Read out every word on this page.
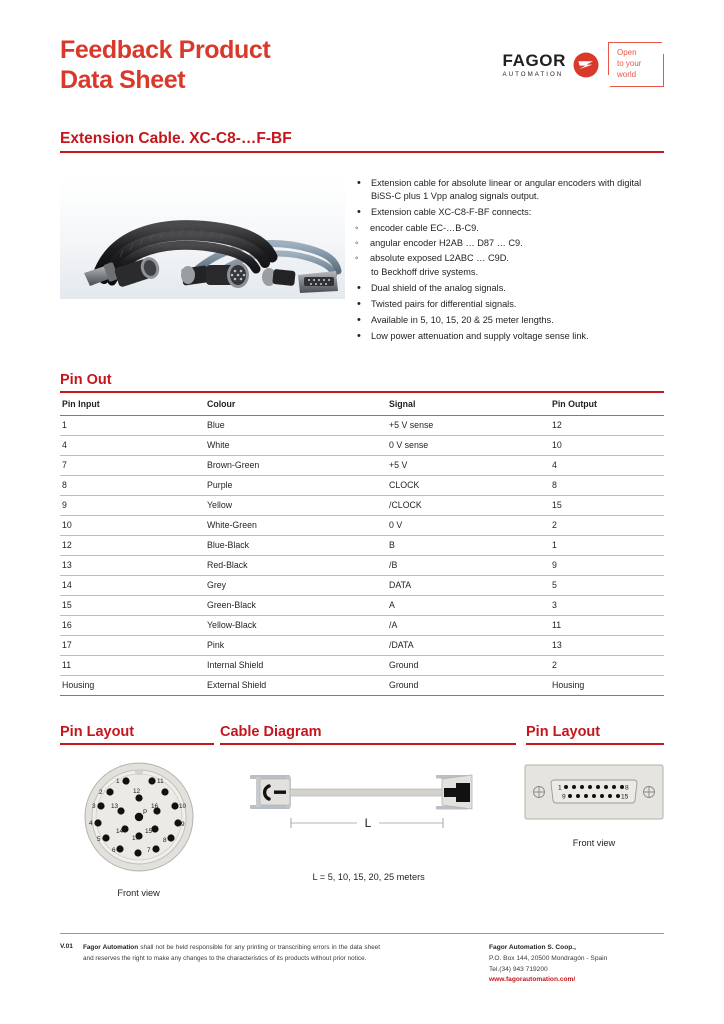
Feedback Product
Data Sheet
FAGOR
AUTOMATION
Open
to your
world
Extension Cable. XC-C8-…F-BF
• Extension cable for absolute linear or angular encoders with digital BiSS-C plus 1 Vpp analog signals output.
• Extension cable XC-C8-F-BF connects:
◦ encoder cable EC-…B-C9.
◦ angular encoder H2AB … D87 … C9.
◦ absolute exposed L2ABC … C9D.
to Beckhoff drive systems.
• Dual shield of the analog signals.
• Twisted pairs for differential signals.
• Available in 5, 10, 15, 20 & 25 meter lengths.
• Low power attenuation and supply voltage sense link.
Pin Out
Pin Input	Colour	Signal	Pin Output
1	Blue	+5 V sense	12
4	White	0 V sense	10
7	Brown-Green	+5 V	4
8	Purple	CLOCK	8
9	Yellow	/CLOCK	15
10	White-Green	0 V	2
12	Blue-Black	B	1
13	Red-Black	/B	9
14	Grey	DATA	5
15	Green-Black	A	3
16	Yellow-Black	/A	11
17	Pink	/DATA	13
11	Internal Shield	Ground	2
Housing	External Shield	Ground	Housing
Pin Layout	Cable Diagram	Pin Layout
1
2
3
4
5
6	7
8
9
10
11
12
13
14	15
16
17
P
Front view
L
L = 5, 10, 15, 20, 25 meters
1	8
9	15
Front view
V.01 Fagor Automation shall not be held responsible for any printing or transcribing errors in the data sheet and reserves the right to make any changes to the characteristics of its products without prior notice.
Fagor Automation S. Coop.,
P.O. Box 144, 20500 Mondragón - Spain
Tel.(34) 943 719200
www.fagorautomation.com/
